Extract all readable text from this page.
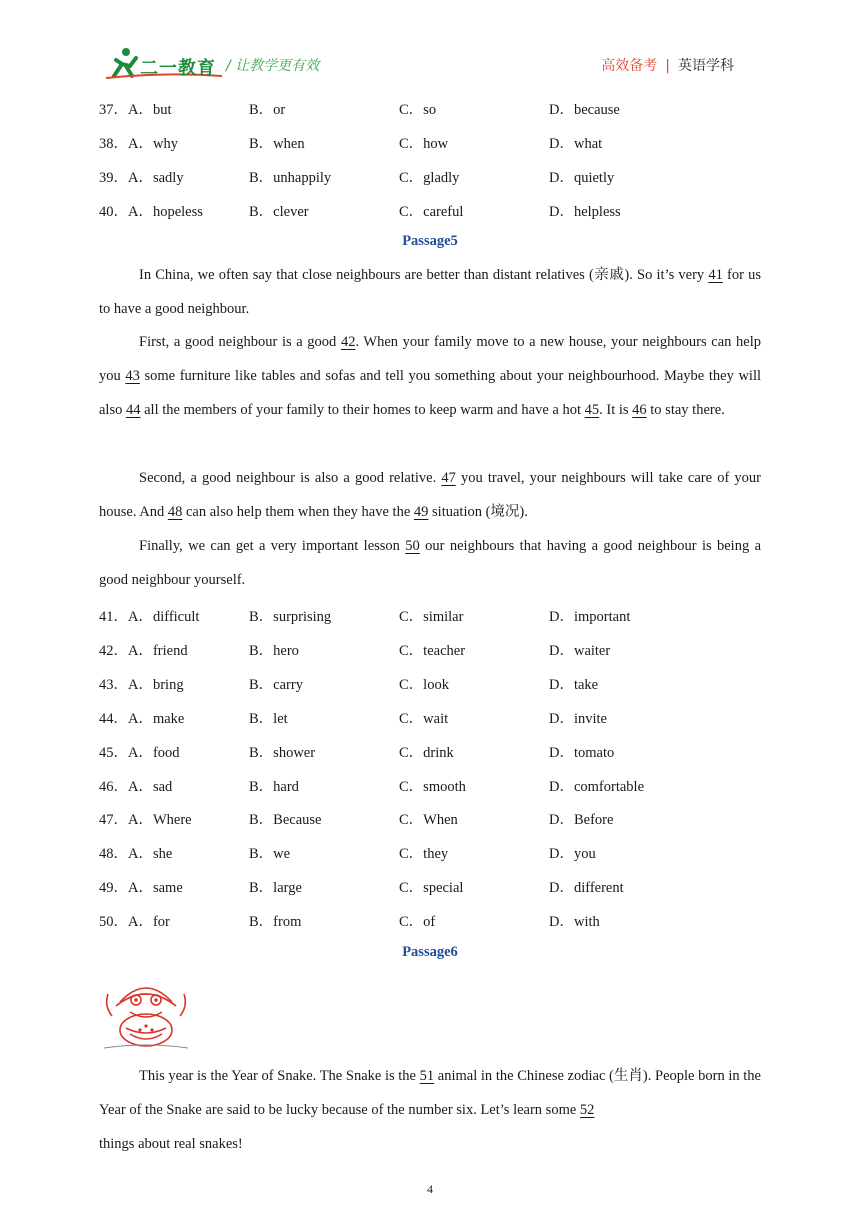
二一教育 / 让教学更有效	高效备考 | 英语学科
37．A．but	B．or	C．so	D．because
38．A．why	B．when	C．how	D．what
39．A．sadly	B．unhappily	C．gladly	D．quietly
40．A．hopeless	B．clever	C．careful	D．helpless
Passage5
In China, we often say that close neighbours are better than distant relatives (亲戚). So it’s very 41 for us to have a good neighbour.
First, a good neighbour is a good 42. When your family move to a new house, your neighbours can help you 43 some furniture like tables and sofas and tell you something about your neighbourhood. Maybe they will also 44 all the members of your family to their homes to keep warm and have a hot 45. It is 46 to stay there.
Second, a good neighbour is also a good relative. 47 you travel, your neighbours will take care of your house. And 48 can also help them when they have the 49 situation (境况).
Finally, we can get a very important lesson 50 our neighbours that having a good neighbour is being a good neighbour yourself.
41．A．difficult	B．surprising	C．similar	D．important
42．A．friend	B．hero	C．teacher	D．waiter
43．A．bring	B．carry	C．look	D．take
44．A．make	B．let	C．wait	D．invite
45．A．food	B．shower	C．drink	D．tomato
46．A．sad	B．hard	C．smooth	D．comfortable
47．A．Where	B．Because	C．When	D．Before
48．A．she	B．we	C．they	D．you
49．A．same	B．large	C．special	D．different
50．A．for	B．from	C．of	D．with
Passage6
This year is the Year of Snake. The Snake is the 51 animal in the Chinese zodiac (生肖). People born in the Year of the Snake are said to be lucky because of the number six. Let’s learn some 52
things about real snakes!
4
